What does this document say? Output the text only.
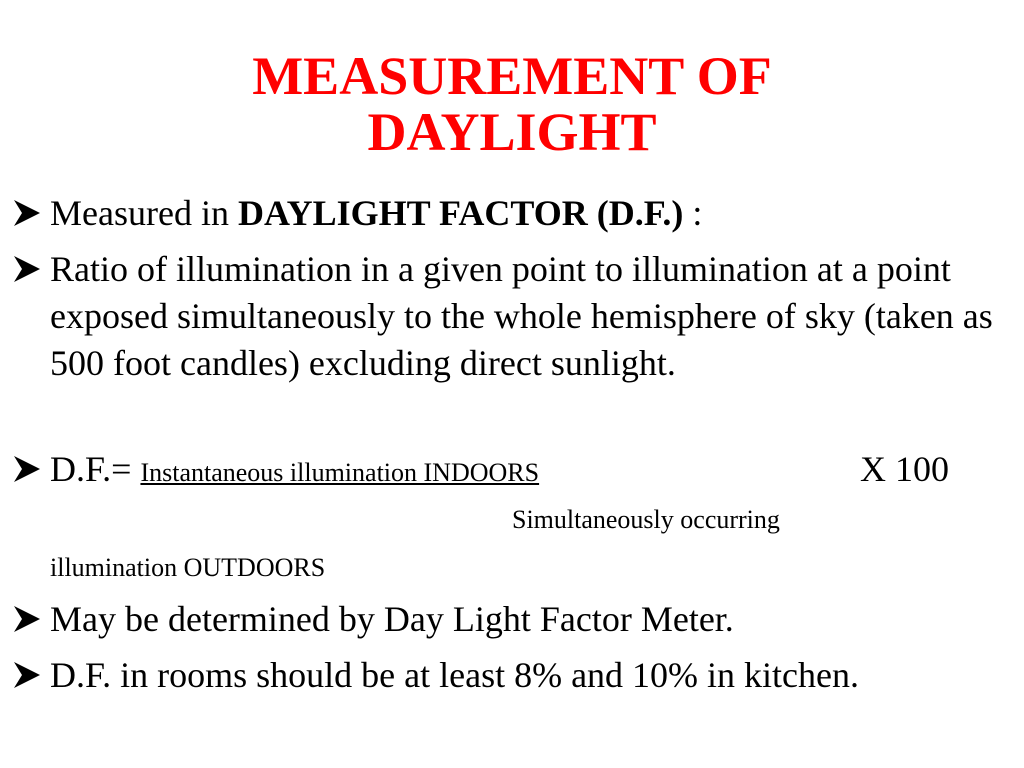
MEASUREMENT OF
DAYLIGHT
Measured in DAYLIGHT FACTOR (D.F.) :
Ratio of illumination in a given point to illumination at a point exposed simultaneously to the whole hemisphere of sky (taken as 500 foot candles) excluding direct sunlight.
D.F.= Instantaneous illumination INDOORS	X 100
Simultaneously occurring
illumination OUTDOORS
May be determined by Day Light Factor Meter.
D.F. in rooms should be at least 8% and 10% in kitchen.
